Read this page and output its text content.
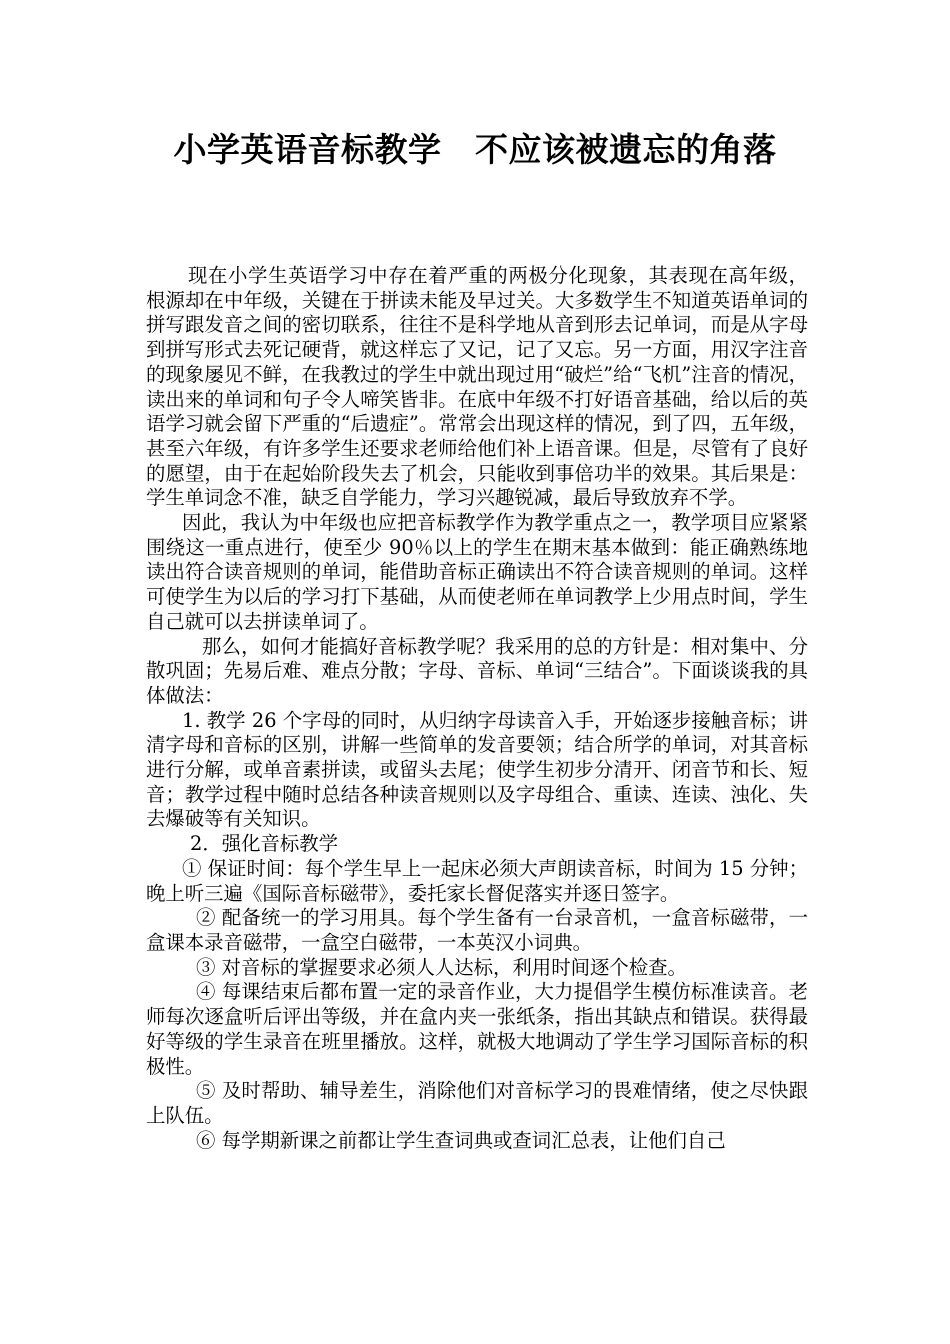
小学英语音标教学　不应该被遗忘的角落

现在小学生英语学习中存在着严重的两极分化现象，其表现在高年级，根源却在中年级，关键在于拼读未能及早过关。大多数学生不知道英语单词的拼写跟发音之间的密切联系，往往不是科学地从音到形去记单词，而是从字母到拼写形式去死记硬背，就这样忘了又记，记了又忘。另一方面，用汉字注音的现象屡见不鲜，在我教过的学生中就出现过用“破烂”给“飞机”注音的情况，读出来的单词和句子令人啼笑皆非。在底中年级不打好语音基础，给以后的英语学习就会留下严重的“后遗症”。常常会出现这样的情况，到了四，五年级，甚至六年级，有许多学生还要求老师给他们补上语音课。但是，尽管有了良好的愿望，由于在起始阶段失去了机会，只能收到事倍功半的效果。其后果是：学生单词念不准，缺乏自学能力，学习兴趣锐减，最后导致放弃不学。

因此，我认为中年级也应把音标教学作为教学重点之一，教学项目应紧紧围绕这一重点进行，使至少 90％以上的学生在期末基本做到：能正确熟练地 读出符合读音规则的单词，能借助音标正确读出不符合读音规则的单词。这样可使学生为以后的学习打下基础，从而使老师在单词教学上少用点时间，学生自己就可以去拼读单词了。

那么，如何才能搞好音标教学呢？我采用的总的方针是：相对集中、分散巩固；先易后难、难点分散；字母、音标、单词“三结合”。下面谈谈我的具体做法：

1. 教学 26 个字母的同时，从归纳字母读音入手，开始逐步接触音标；讲清字母和音标的区别，讲解一些简单的发音要领；结合所学的单词，对其音标进行分解，或单音素拼读，或留头去尾；使学生初步分清开、闭音节和长、短音；教学过程中随时总结各种读音规则以及字母组合、重读、连读、浊化、失去爆破等有关知识。

2．强化音标教学

① 保证时间：每个学生早上一起床必须大声朗读音标，时间为 15 分钟；晚上听三遍《国际音标磁带》，委托家长督促落实并逐日签字。

② 配备统一的学习用具。每个学生备有一台录音机，一盒音标磁带，一盒课本录音磁带，一盒空白磁带，一本英汉小词典。

③ 对音标的掌握要求必须人人达标，利用时间逐个检查。

④ 每课结束后都布置一定的录音作业，大力提倡学生模仿标准读音。老师每次逐盒听后评出等级，并在盒内夹一张纸条，指出其缺点和错误。获得最好等级的学生录音在班里播放。这样，就极大地调动了学生学习国际音标的积极性。

⑤ 及时帮助、辅导差生，消除他们对音标学习的畏难情绪，使之尽快跟上队伍。

⑥ 每学期新课之前都让学生查词典或查词汇总表，让他们自己
